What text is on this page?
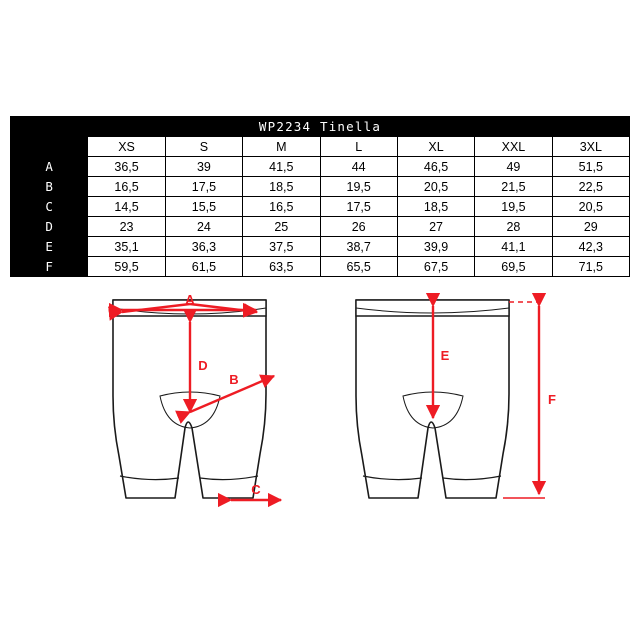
WP2234 Tinella							
	XS	S	M	L	XL	XXL	3XL
A	36,5	39	41,5	44	46,5	49	51,5
B	16,5	17,5	18,5	19,5	20,5	21,5	22,5
C	14,5	15,5	16,5	17,5	18,5	19,5	20,5
D	23	24	25	26	27	28	29
E	35,1	36,3	37,5	38,7	39,9	41,1	42,3
F	59,5	61,5	63,5	65,5	67,5	69,5	71,5
A
D
B
C
E
F
